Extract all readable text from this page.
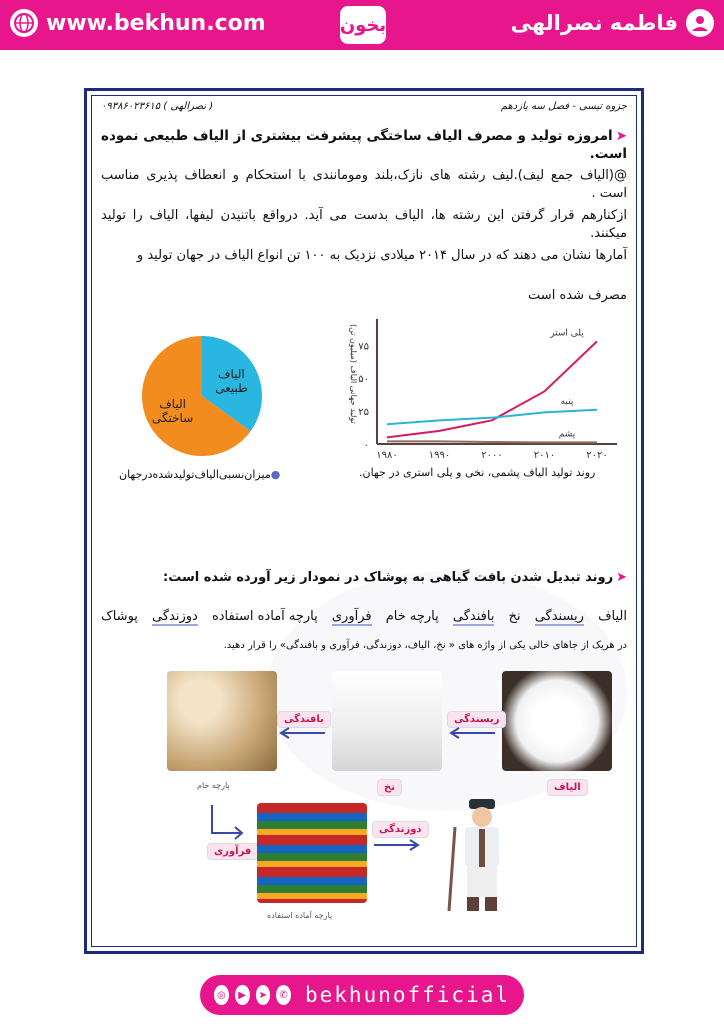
www.bekhun.com	بخون	فاطمه نصرالهی
جزوه تیسی - فصل سه یازدهم
( نصرالهی ) ۰۹۳۸۶۰۲۳۶۱۵
➤امروزه تولید و مصرف الیاف ساختگی پیشرفت بیشتری از الیاف طبیعی نموده است.
@(الیاف جمع لیف).لیف رشته های نازک،بلند ومومانندی با استحکام و انعطاف پذیری مناسب است .
ازکنارهم قرار گرفتن این رشته ها، الیاف بدست می آید. درواقع باتنیدن لیفها، الیاف را تولید میکنند.
آمارها نشان می دهند که در سال ۲۰۱۴ میلادی نزدیک به ۱۰۰ تن انواع الیاف در جهان تولید و
مصرف شده است
۰
۲۵
۵۰
۷۵
۱۹۸۰	۱۹۹۰	۲۰۰۰	۲۰۱۰	۲۰۲۰
تولید جهانی الیاف (میلیون تن)	پلی استر
پنبه
پشم
روند تولید الیاف پشمی، نخی و پلی استری در جهان.
الیاف
طبیعی
الیاف
ساختگی
●میزان‌نسبی‌الیاف‌تولیدشده‌درجهان
➤روند تبدیل شدن بافت گیاهی به پوشاک در نمودار زیر آورده شده است:
الیاف
ریسندگی
نخ
بافندگی
پارچه خام
فرآوری
پارچه آماده استفاده
دوزندگی
پوشاک
در هریک از جاهای خالی یکی از واژه های « نخ، الیاف، دوزندگی، فرآوری و بافندگی» را قرار دهید.
بافندگی	ریسندگی
پارچه خام	نخ	الیاف
فرآوری
پارچه آماده استفاده
دوزندگی
◎	▶	➤	✆ bekhunofficial
